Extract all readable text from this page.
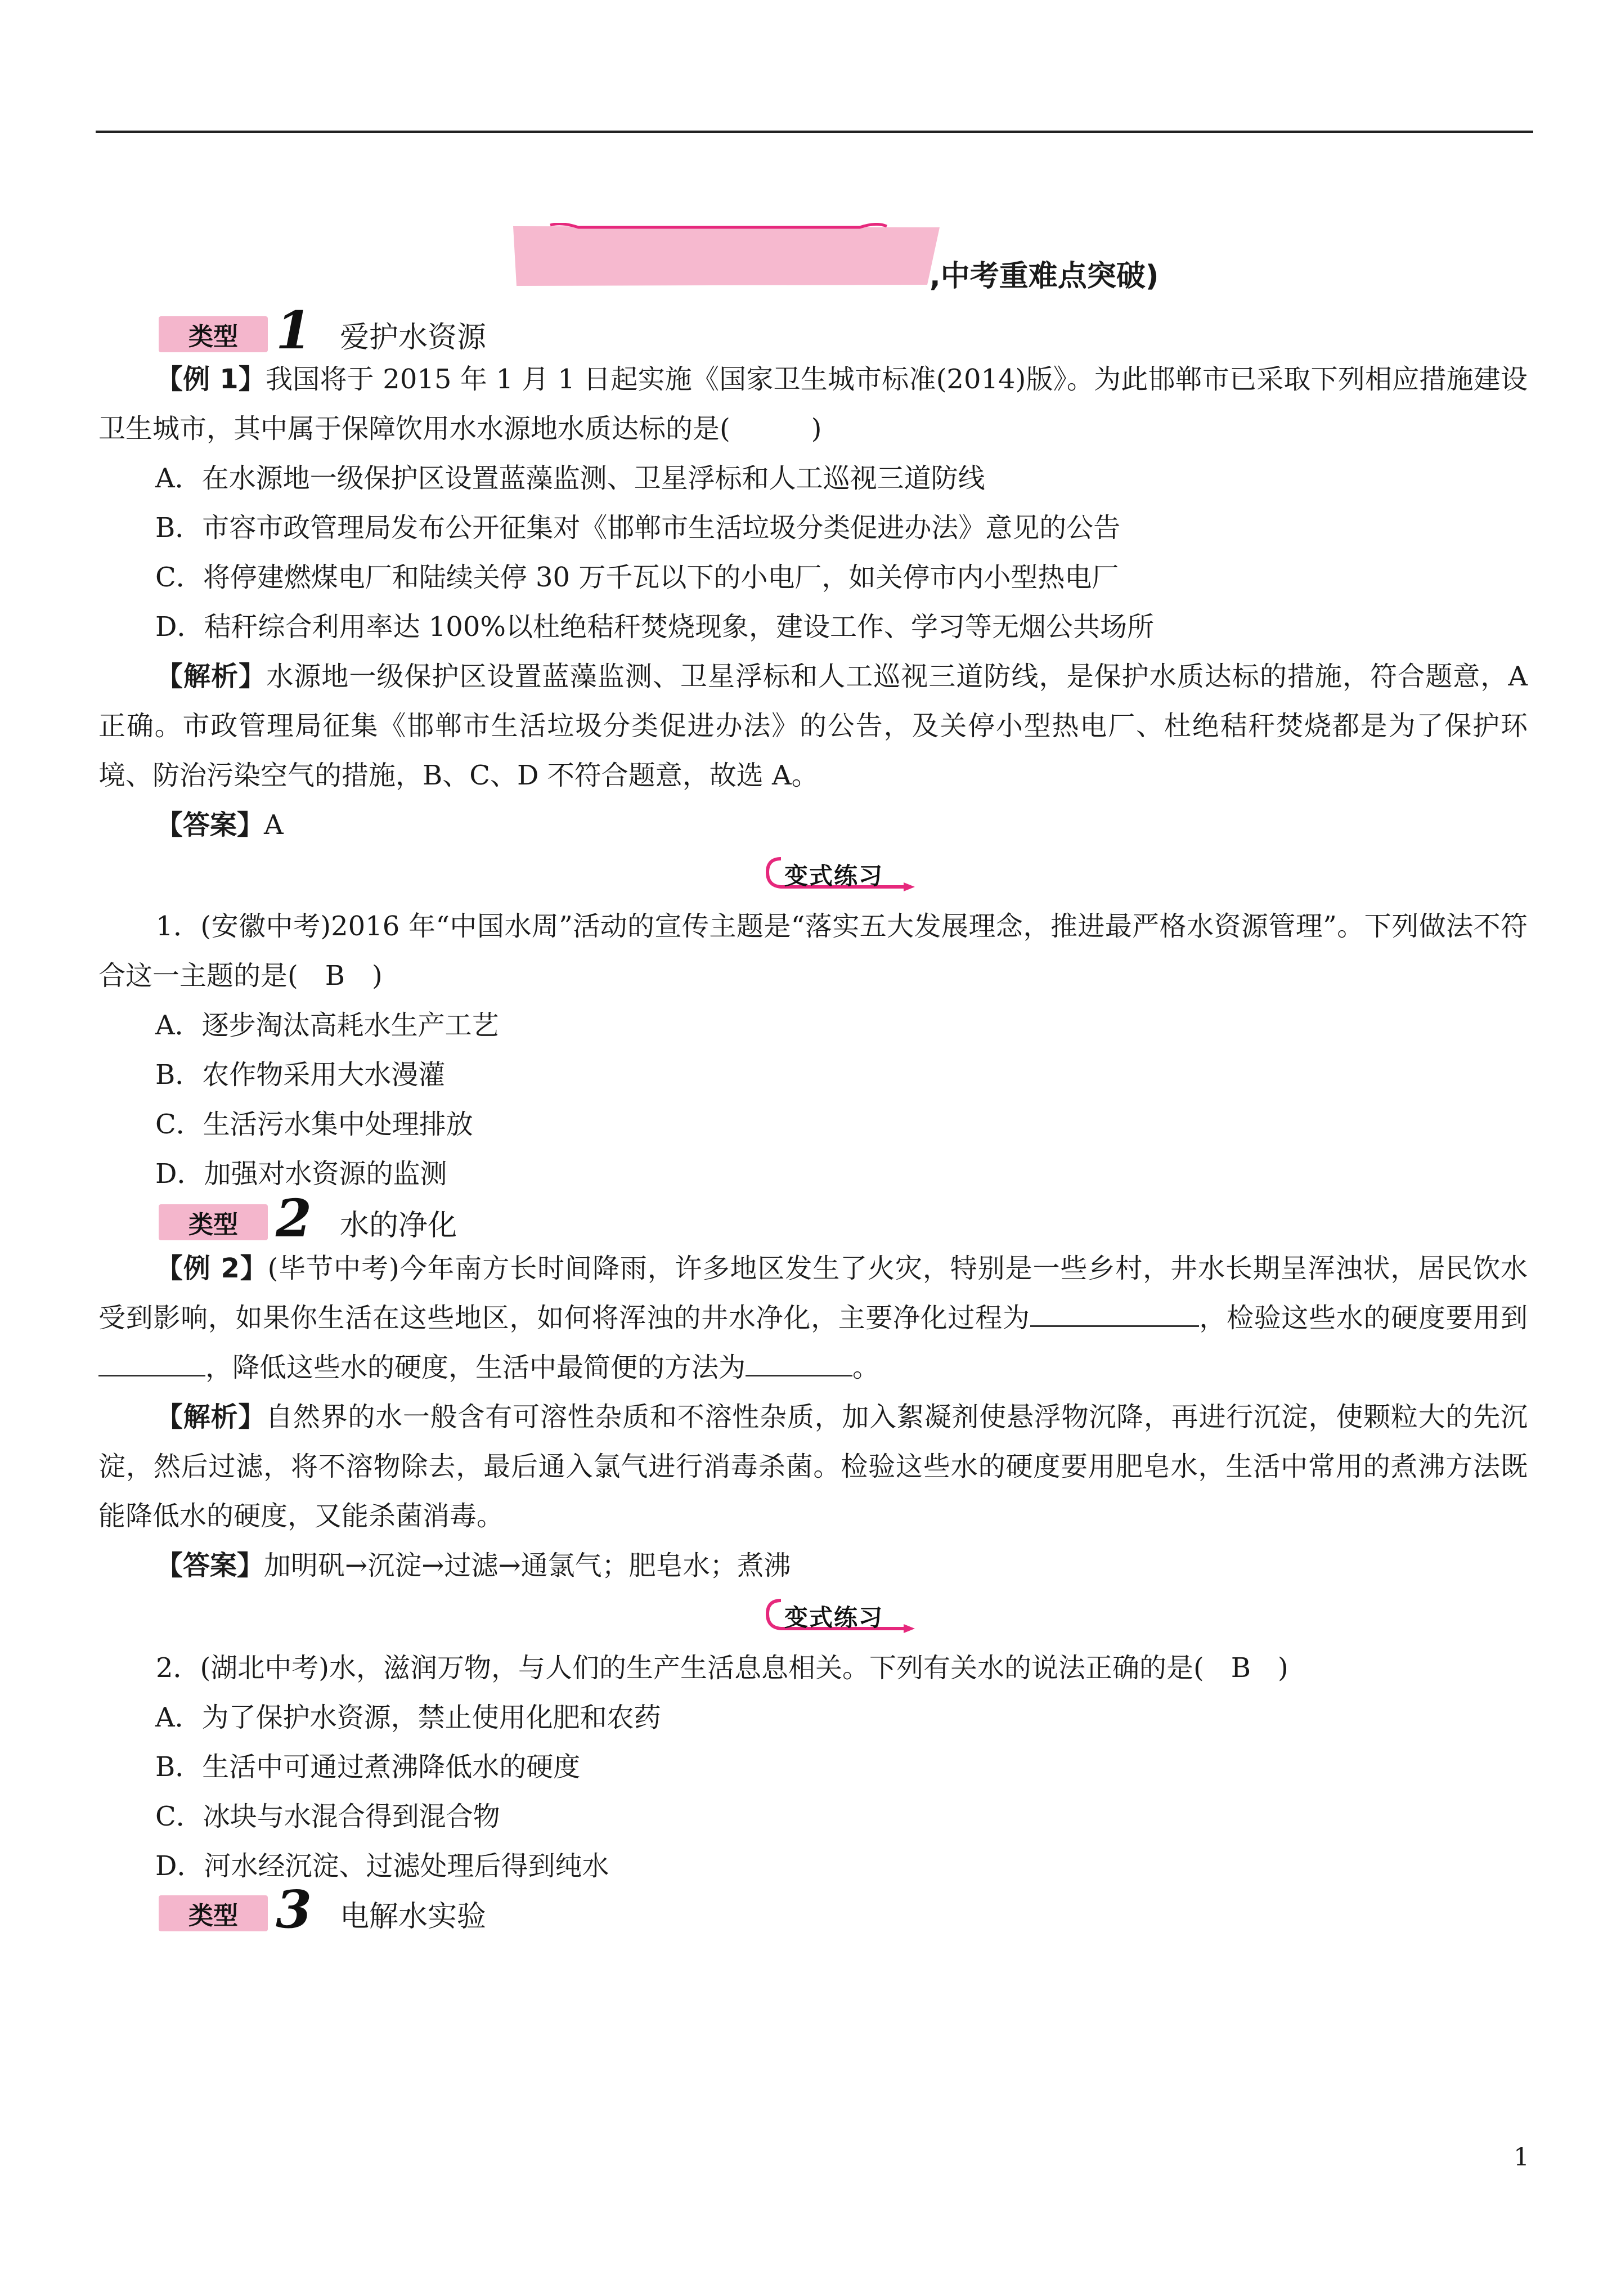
,中考重难点突破)
类型 1 爱护水资源

【例 1】我国将于 2015 年 1 月 1 日起实施《国家卫生城市标准(2014)版》。为此邯郸市已采取下列相应措施建设卫生城市，其中属于保障饮用水水源地水质达标的是(　　　)

A．在水源地一级保护区设置蓝藻监测、卫星浮标和人工巡视三道防线
B．市容市政管理局发布公开征集对《邯郸市生活垃圾分类促进办法》意见的公告
C．将停建燃煤电厂和陆续关停 30 万千瓦以下的小电厂，如关停市内小型热电厂
D．秸秆综合利用率达 100%以杜绝秸秆焚烧现象，建设工作、学习等无烟公共场所

【解析】水源地一级保护区设置蓝藻监测、卫星浮标和人工巡视三道防线，是保护水质达标的措施，符合题意，A 正确。市政管理局征集《邯郸市生活垃圾分类促进办法》的公告，及关停小型热电厂、杜绝秸秆焚烧都是为了保护环境、防治污染空气的措施，B、C、D 不符合题意，故选 A。

【答案】A

变式练习

1．(安徽中考)2016 年“中国水周”活动的宣传主题是“落实五大发展理念，推进最严格水资源管理”。下列做法不符合这一主题的是(　B　)

A．逐步淘汰高耗水生产工艺
B．农作物采用大水漫灌
C．生活污水集中处理排放
D．加强对水资源的监测
类型 2 水的净化

【例 2】(毕节中考)今年南方长时间降雨，许多地区发生了火灾，特别是一些乡村，井水长期呈浑浊状，居民饮水受到影响，如果你生活在这些地区，如何将浑浊的井水净化，主要净化过程为	，检验这些水的硬度要用到，降低这些水的硬度，生活中最简便的方法为	。

【解析】自然界的水一般含有可溶性杂质和不溶性杂质，加入絮凝剂使悬浮物沉降，再进行沉淀，使颗粒大的先沉淀，然后过滤，将不溶物除去，最后通入氯气进行消毒杀菌。检验这些水的硬度要用肥皂水，生活中常用的煮沸方法既能降低水的硬度，又能杀菌消毒。

【答案】加明矾→沉淀→过滤→通氯气；肥皂水；煮沸

变式练习

2．(湖北中考)水，滋润万物，与人们的生产生活息息相关。下列有关水的说法正确的是(　B　)

A．为了保护水资源，禁止使用化肥和农药
B．生活中可通过煮沸降低水的硬度
C．冰块与水混合得到混合物
D．河水经沉淀、过滤处理后得到纯水
类型 3 电解水实验
1
